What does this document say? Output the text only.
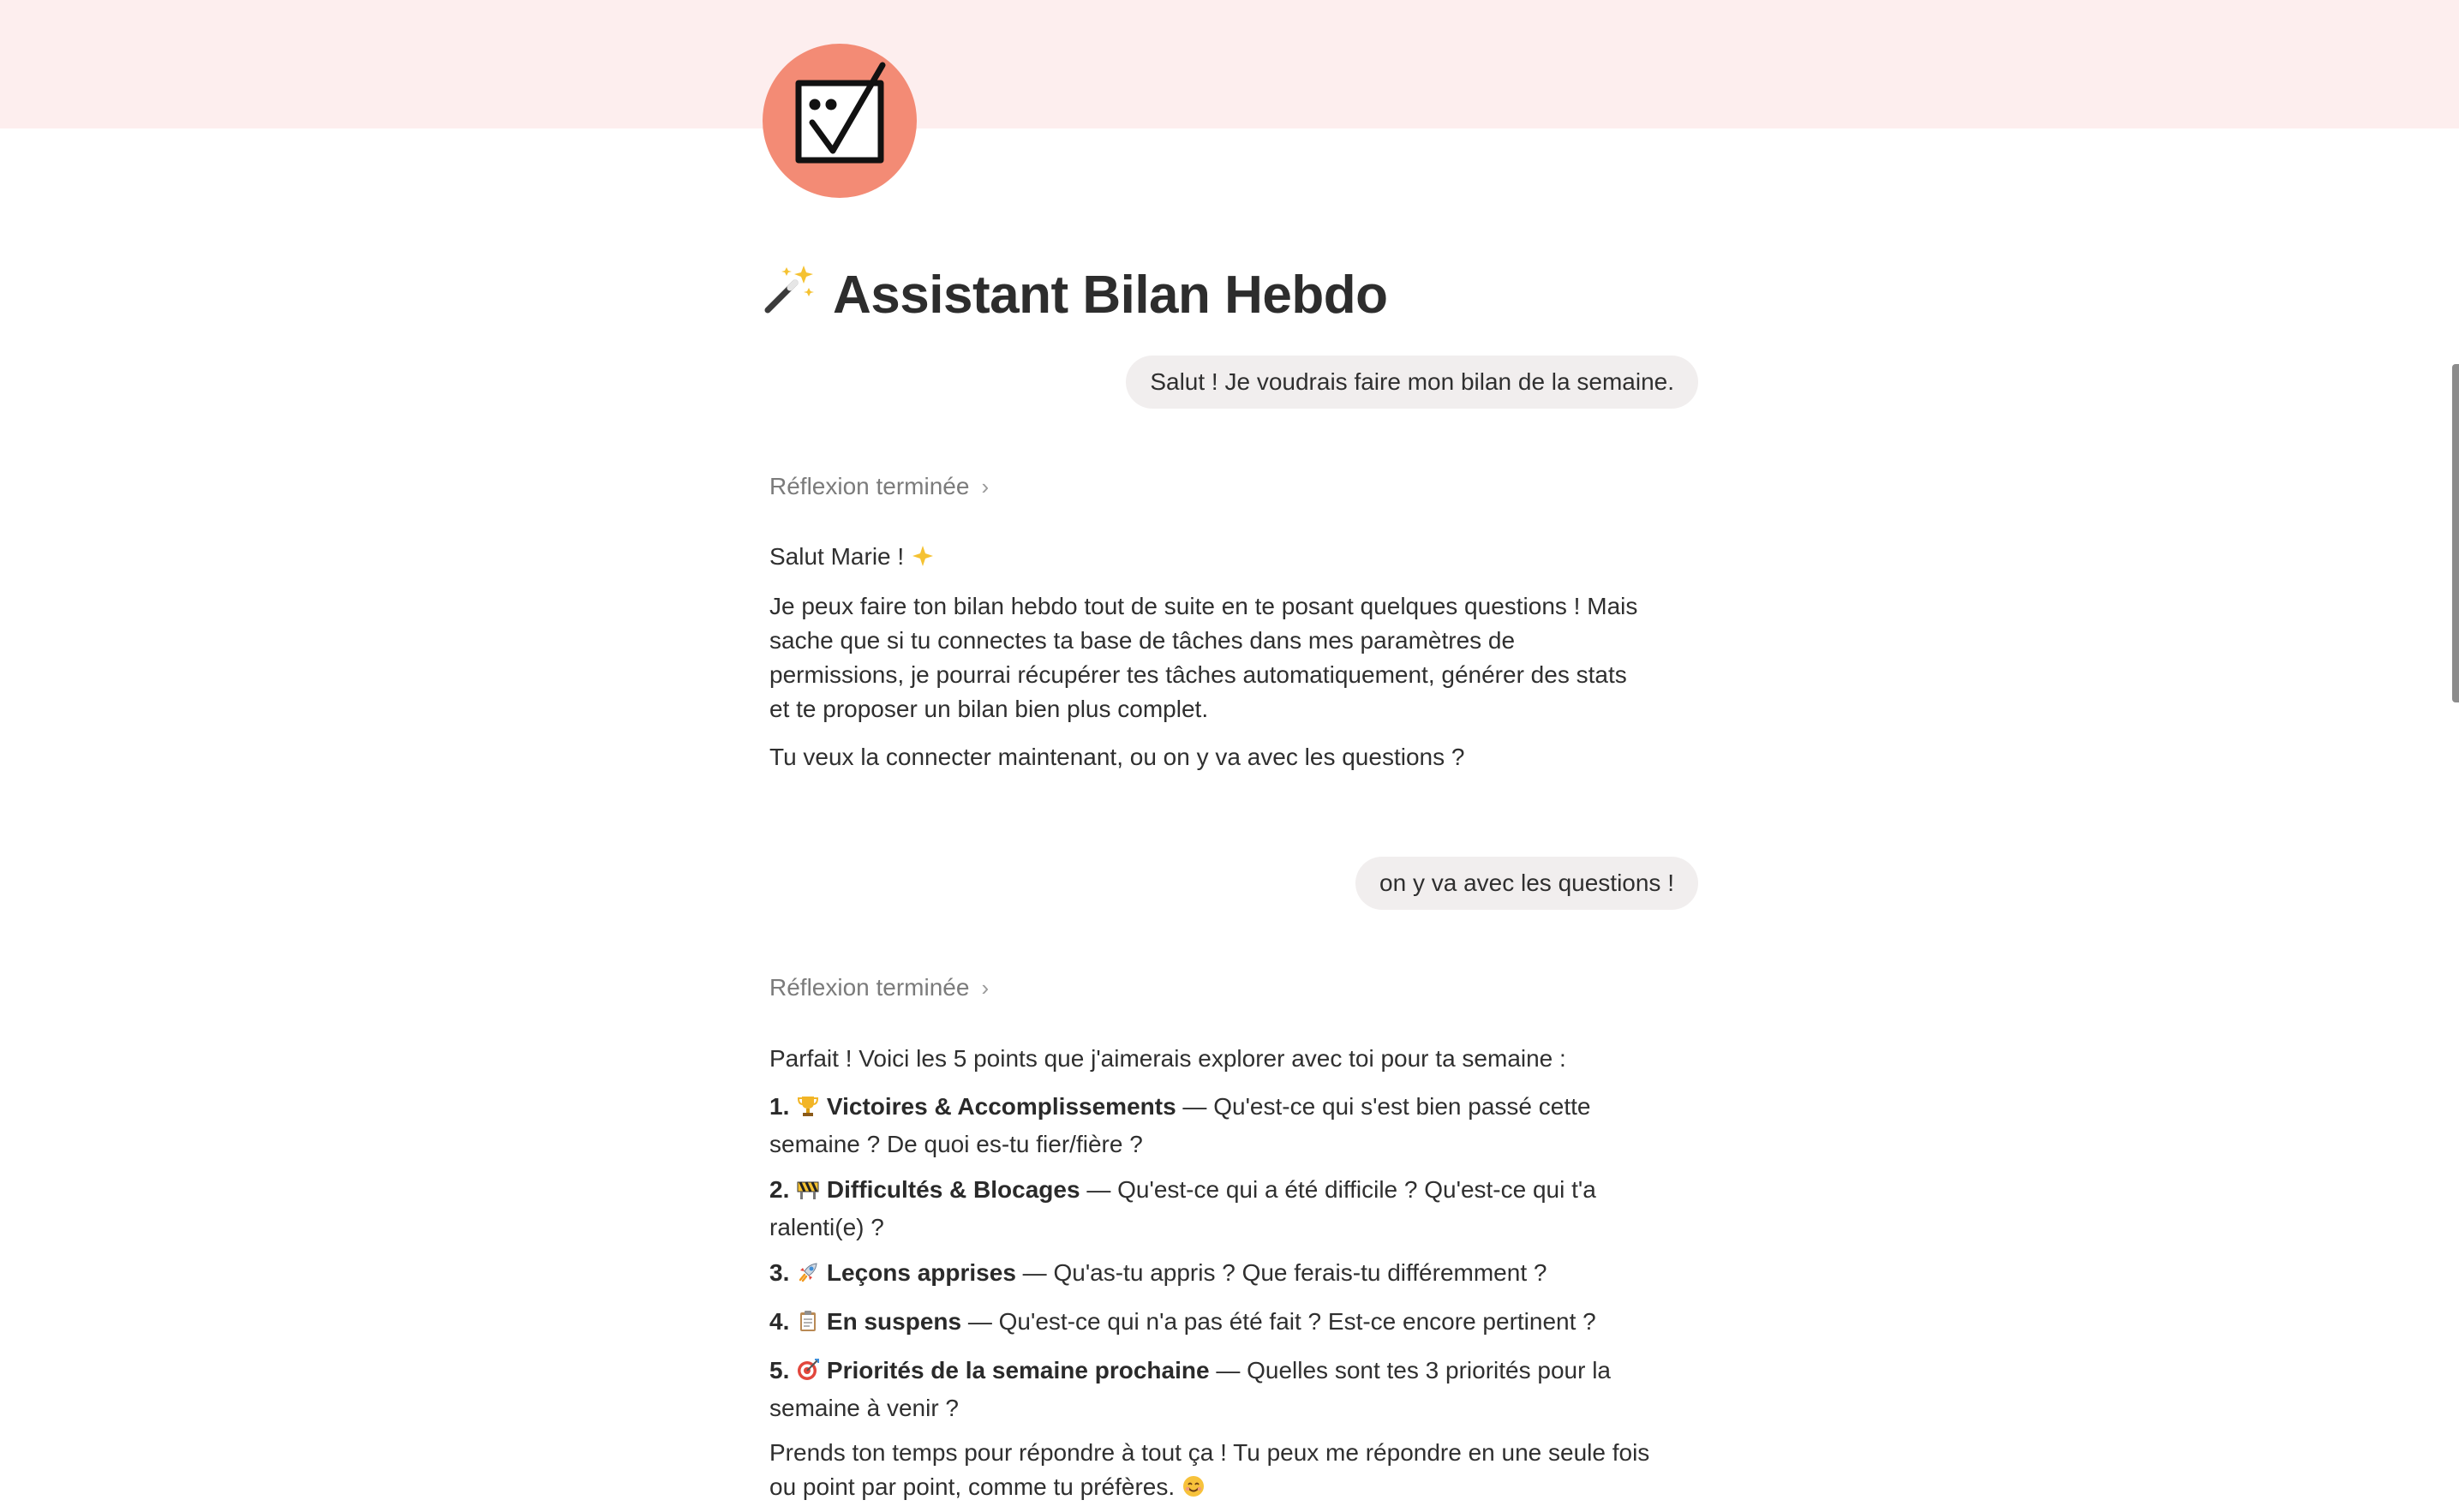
Assistant Bilan Hebdo
Salut ! Je voudrais faire mon bilan de la semaine.
Réflexion terminée ›
Salut Marie !
Je peux faire ton bilan hebdo tout de suite en te posant quelques questions ! Mais
sache que si tu connectes ta base de tâches dans mes paramètres de
permissions, je pourrai récupérer tes tâches automatiquement, générer des stats
et te proposer un bilan bien plus complet.
Tu veux la connecter maintenant, ou on y va avec les questions ?
on y va avec les questions !
Réflexion terminée ›
Parfait ! Voici les 5 points que j'aimerais explorer avec toi pour ta semaine :
1. Victoires & Accomplissements — Qu'est-ce qui s'est bien passé cette
semaine ? De quoi es-tu fier/fière ?
2. Difficultés & Blocages — Qu'est-ce qui a été difficile ? Qu'est-ce qui t'a
ralenti(e) ?
3. Leçons apprises — Qu'as-tu appris ? Que ferais-tu différemment ?
4. En suspens — Qu'est-ce qui n'a pas été fait ? Est-ce encore pertinent ?
5. Priorités de la semaine prochaine — Quelles sont tes 3 priorités pour la
semaine à venir ?
Prends ton temps pour répondre à tout ça ! Tu peux me répondre en une seule fois
ou point par point, comme tu préfères.
